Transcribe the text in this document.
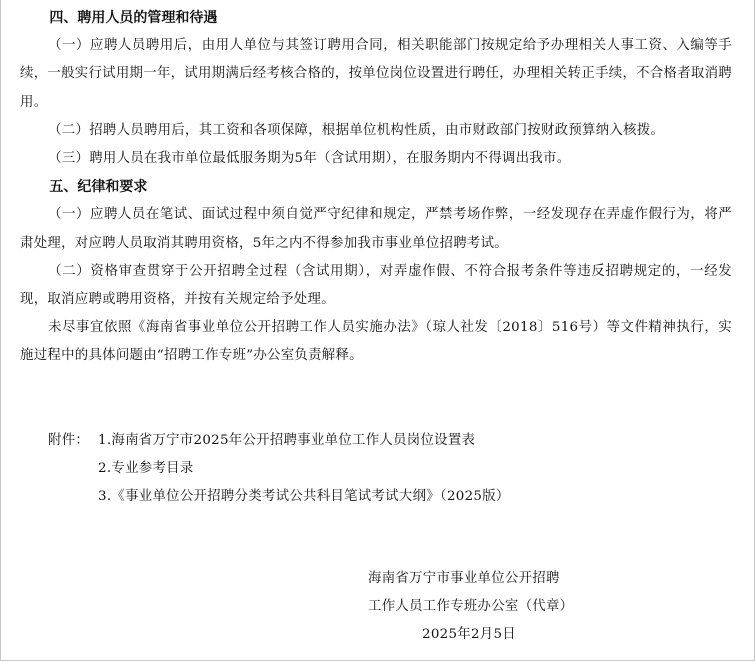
四、聘用人员的管理和待遇

（一）应聘人员聘用后，由用人单位与其签订聘用合同，相关职能部门按规定给予办理相关人事工资、入编等手续，一般实行试用期一年，试用期满后经考核合格的，按单位岗位设置进行聘任，办理相关转正手续，不合格者取消聘用。

（二）招聘人员聘用后，其工资和各项保障，根据单位机构性质，由市财政部门按财政预算纳入核拨。

（三）聘用人员在我市单位最低服务期为5年（含试用期），在服务期内不得调出我市。

五、纪律和要求

（一）应聘人员在笔试、面试过程中须自觉严守纪律和规定，严禁考场作弊，一经发现存在弄虚作假行为，将严肃处理，对应聘人员取消其聘用资格，5年之内不得参加我市事业单位招聘考试。

（二）资格审查贯穿于公开招聘全过程（含试用期），对弄虚作假、不符合报考条件等违反招聘规定的，一经发现，取消应聘或聘用资格，并按有关规定给予处理。

未尽事宜依照《海南省事业单位公开招聘工作人员实施办法》（琼人社发〔2018〕516号）等文件精神执行，实施过程中的具体问题由“招聘工作专班”办公室负责解释。

附件： 1.海南省万宁市2025年公开招聘事业单位工作人员岗位设置表
2.专业参考目录
3.《事业单位公开招聘分类考试公共科目笔试考试大纲》（2025版）
海南省万宁市事业单位公开招聘
工作人员工作专班办公室（代章）
2025年2月5日
